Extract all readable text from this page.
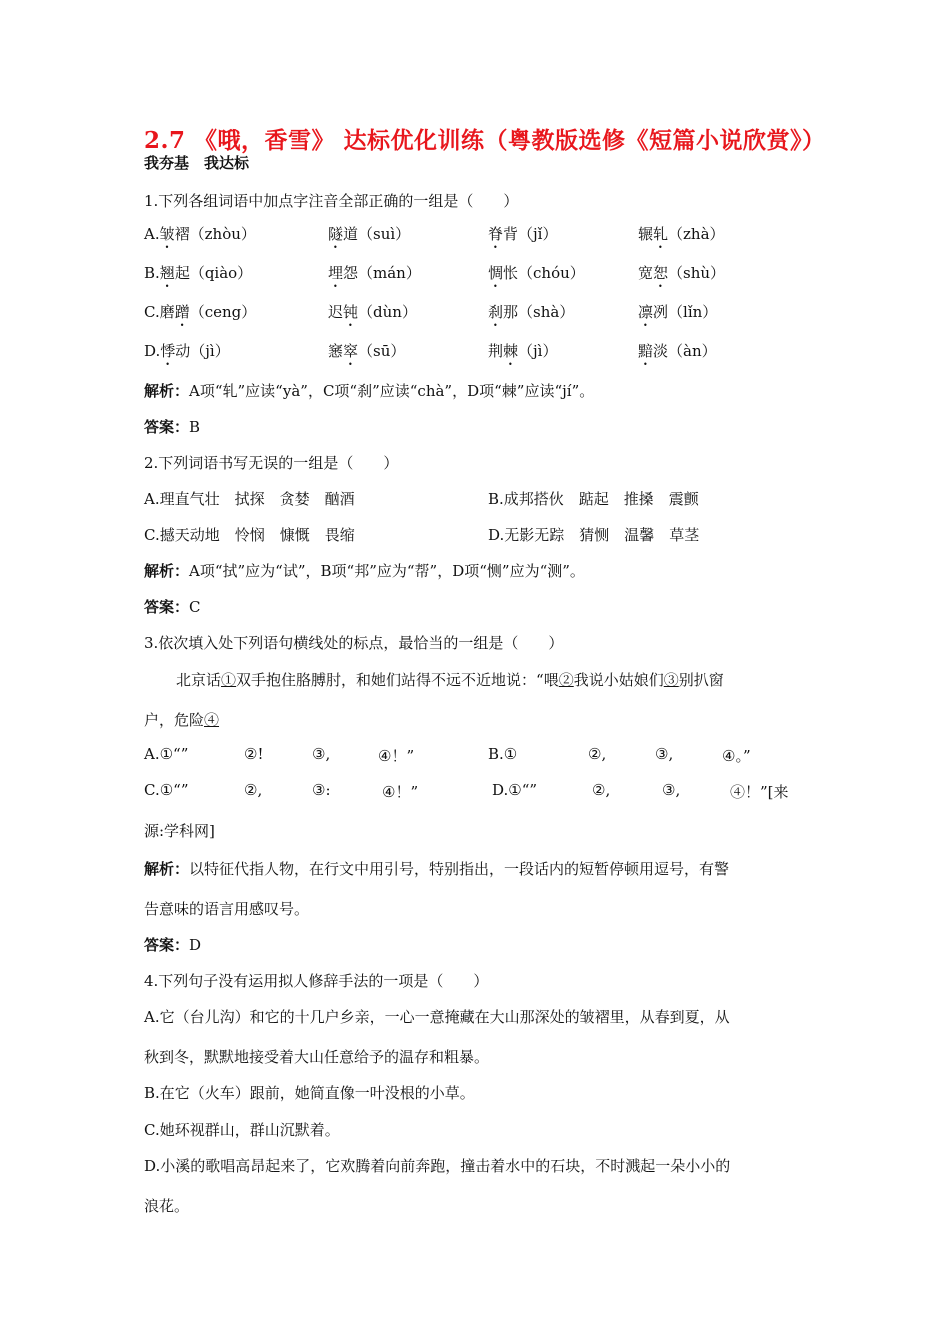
2.7 《哦，香雪》 达标优化训练（粤教版选修《短篇小说欣赏》）
我夯基　我达标
1.下列各组词语中加点字注音全部正确的一组是（　　）
A.皱褶（zhòu）	隧道（suì）	脊背（jǐ）	辗轧（zhà）
B.翘起（qiào）	埋怨（mán）	惆怅（chóu）	宽恕（shù）
C.磨蹭（ceng）	迟钝（dùn）	刹那（shà）	凛冽（lǐn）
D.悸动（jì）	窸窣（sū）	荆棘（jì）	黯淡（àn）
解析：A项“轧”应读“yà”，C项“刹”应读“chà”，D项“棘”应读“jí”。
答案：B
2.下列词语书写无误的一组是（　　）
A.理直气壮　拭探　贪婪　酗酒	B.成邦搭伙　踮起　推搡　震颤
C.撼天动地　怜悯　慷慨　畏缩	D.无影无踪　猜恻　温馨　草茎
解析：A项“拭”应为“试”，B项“邦”应为“帮”，D项“恻”应为“测”。
答案：C
3.依次填入处下列语句横线处的标点，最恰当的一组是（　　）
北京话①双手抱住胳膊肘，和她们站得不远不近地说：“喂②我说小姑娘们③别扒窗
户，危险④
A.①“”	②!	③,	④！”	B.①	②,	③,	④。”
C.①“”	②,	③:	④！”	D.①“”	②,	③,	④！”[来
源:学科网]
解析：以特征代指人物，在行文中用引号，特别指出，一段话内的短暂停顿用逗号，有警
告意味的语言用感叹号。
答案：D
4.下列句子没有运用拟人修辞手法的一项是（　　）
A.它（台儿沟）和它的十几户乡亲，一心一意掩藏在大山那深处的皱褶里，从春到夏，从
秋到冬，默默地接受着大山任意给予的温存和粗暴。
B.在它（火车）跟前，她简直像一叶没根的小草。
C.她环视群山，群山沉默着。
D.小溪的歌唱高昂起来了，它欢腾着向前奔跑，撞击着水中的石块，不时溅起一朵小小的
浪花。
